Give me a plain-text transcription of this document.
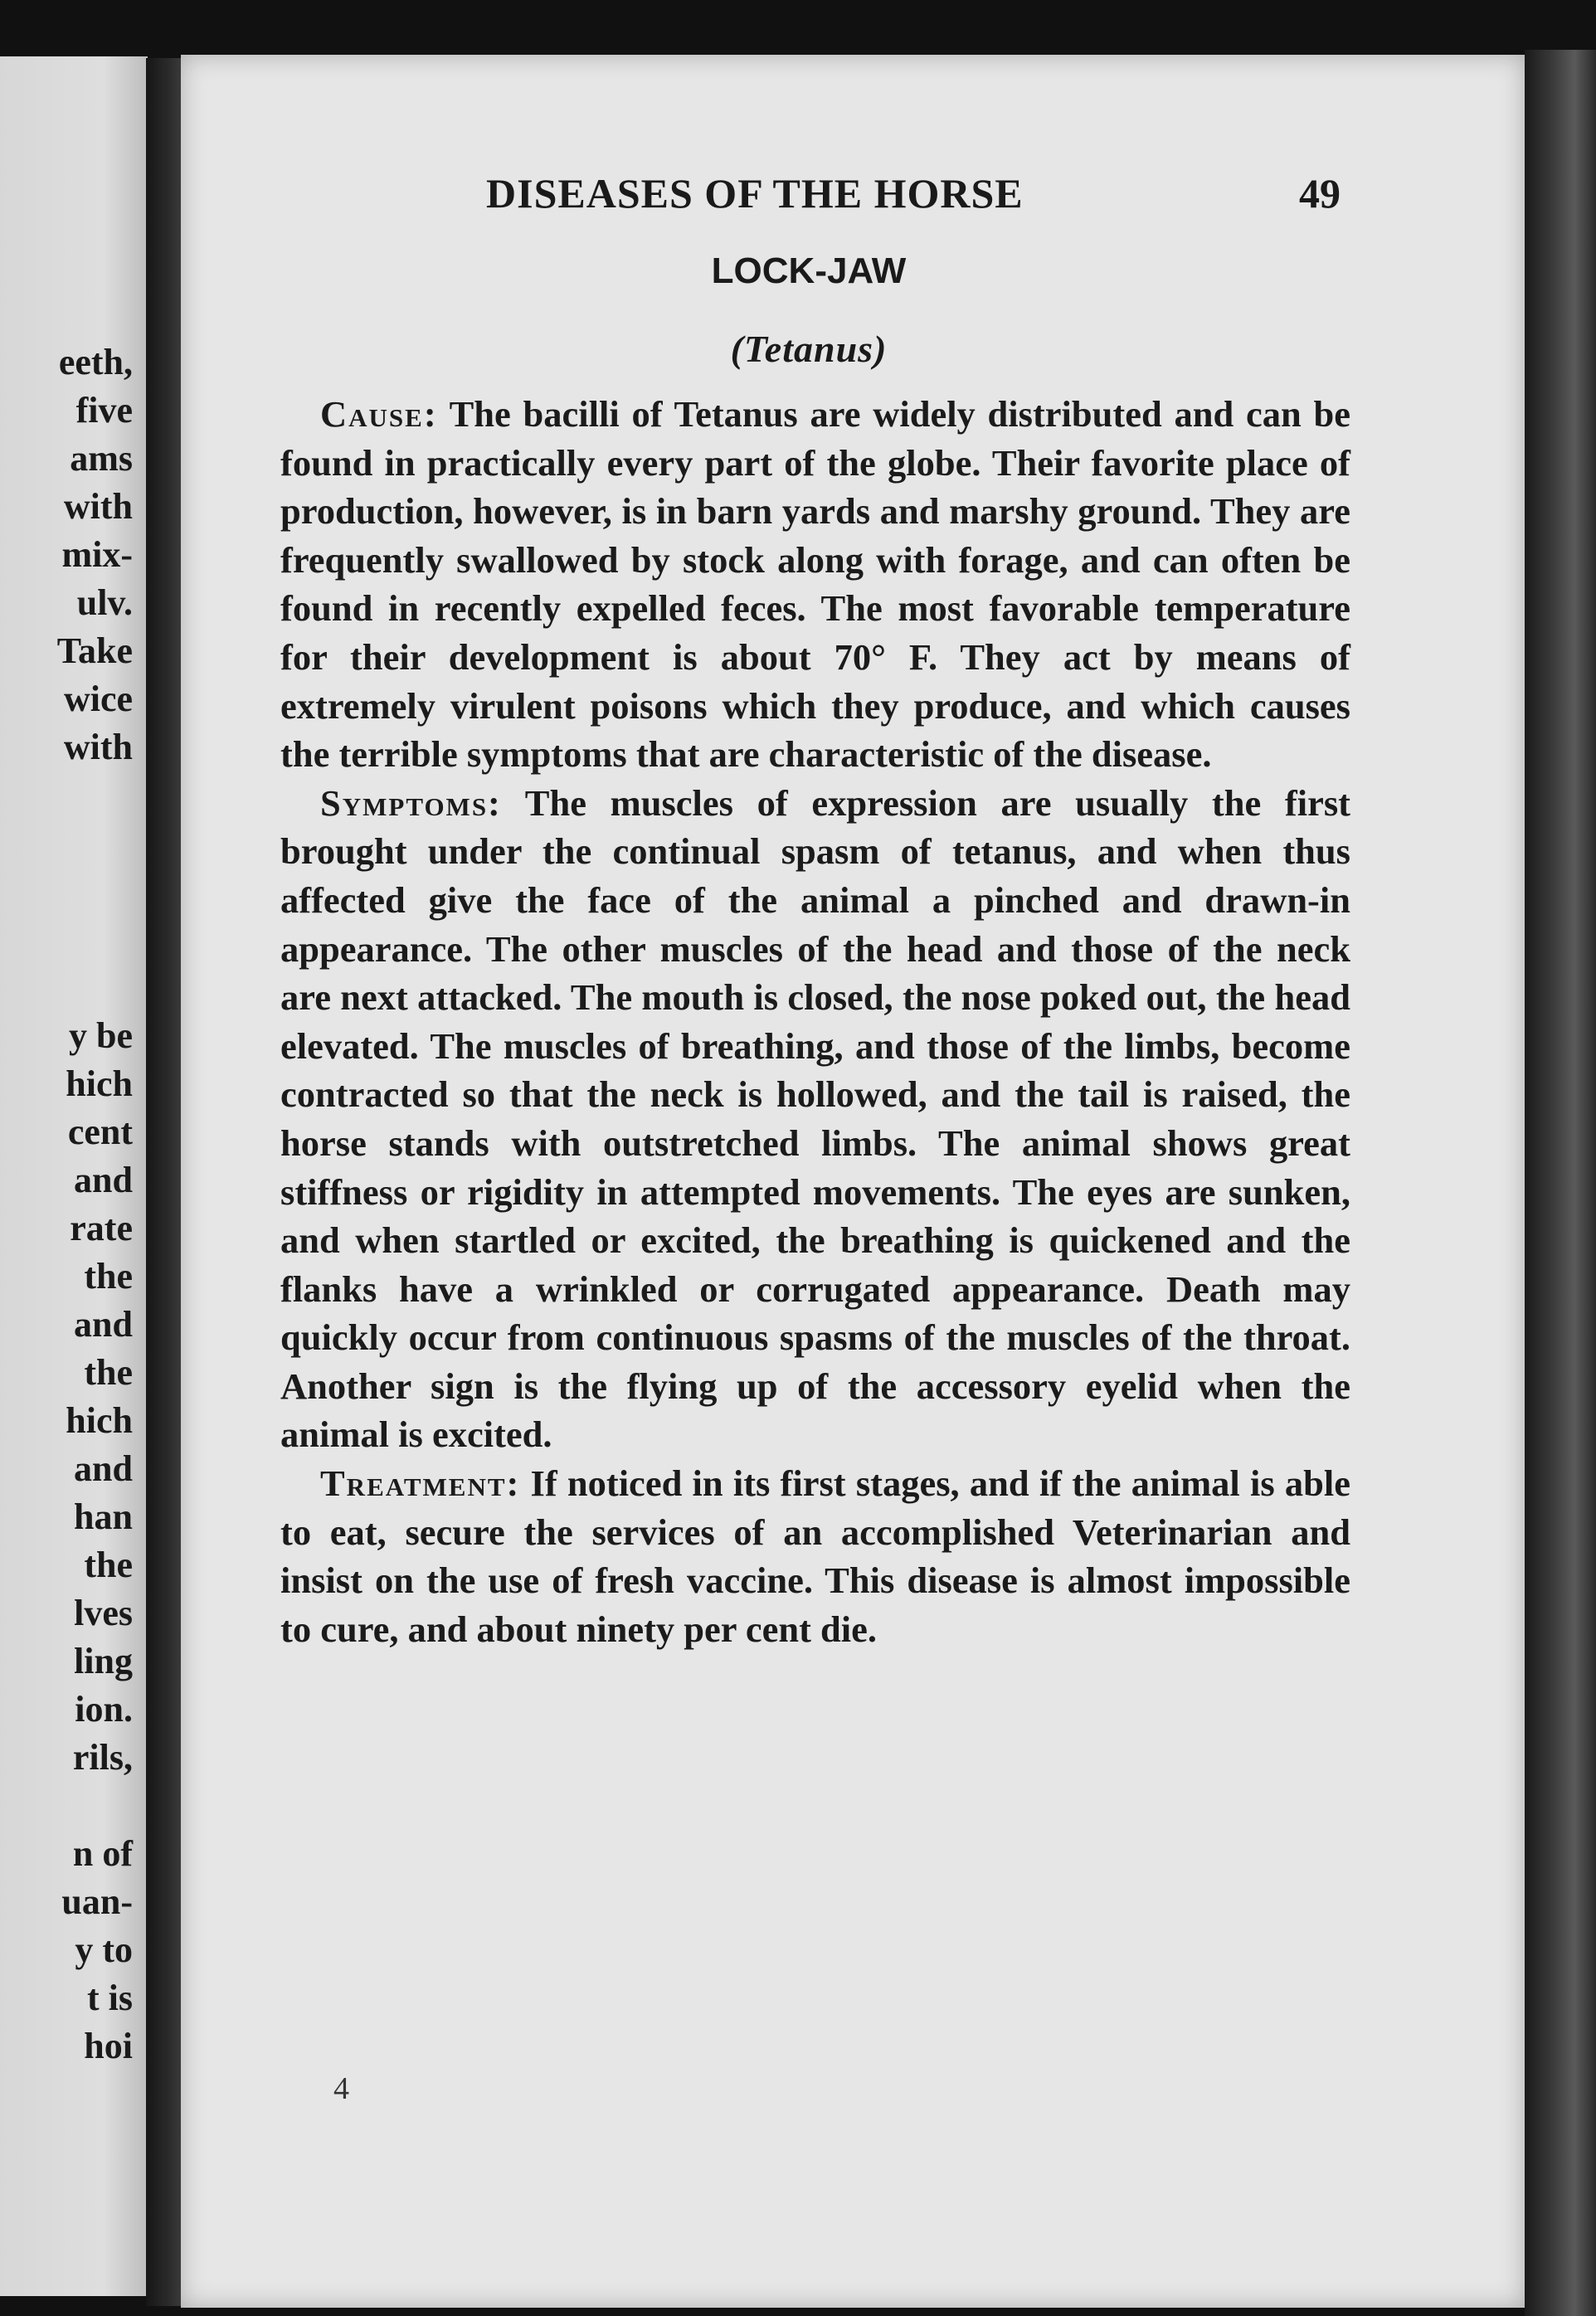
eeth,
five
ams
with
mix-
ulv.
Take
wice
with
y be
hich
cent
and
rate
the
and
the
hich
and
han
the
lves
ling
ion.
rils,
n of
uan-
y to
t is
hoi
DISEASES OF THE HORSE	49
LOCK-JAW
(Tetanus)

Cause: The bacilli of Tetanus are widely distributed and can be found in practically every part of the globe. Their favorite place of production, however, is in barn yards and marshy ground. They are frequently swallowed by stock along with forage, and can often be found in recently expelled feces. The most favorable temperature for their development is about 70° F. They act by means of extremely virulent poisons which they produce, and which causes the terrible symptoms that are characteristic of the disease.

Symptoms: The muscles of expression are usually the first brought under the continual spasm of tetanus, and when thus affected give the face of the animal a pinched and drawn-in appearance. The other muscles of the head and those of the neck are next attacked. The mouth is closed, the nose poked out, the head elevated. The muscles of breathing, and those of the limbs, become contracted so that the neck is hollowed, and the tail is raised, the horse stands with outstretched limbs. The animal shows great stiffness or rigidity in attempted movements. The eyes are sunken, and when startled or excited, the breathing is quickened and the flanks have a wrinkled or corrugated appearance. Death may quickly occur from continuous spasms of the muscles of the throat. Another sign is the flying up of the accessory eyelid when the animal is excited.

Treatment: If noticed in its first stages, and if the animal is able to eat, secure the services of an accomplished Veterinarian and insist on the use of fresh vaccine. This disease is almost impossible to cure, and about ninety per cent die.

4
